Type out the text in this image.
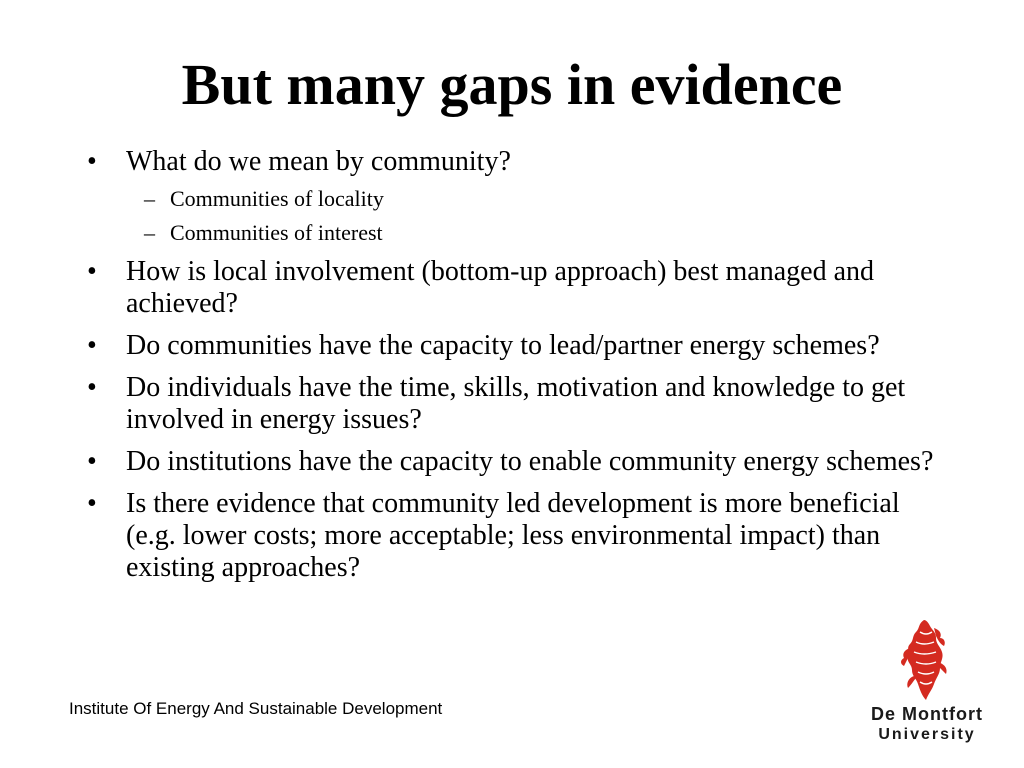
But many gaps in evidence
•	What do we mean by community?
– Communities of locality
– Communities of interest
•	How is local involvement (bottom-up approach) best managed and achieved?
•	Do communities have the capacity to lead/partner energy schemes?
•	Do individuals have the time, skills, motivation and knowledge to get involved in energy issues?
•	Do institutions have the capacity to enable community energy schemes?
•	Is there evidence that community led development is more beneficial (e.g. lower costs; more acceptable; less environmental impact) than existing approaches?
Institute Of Energy And Sustainable Development	De Montfort
University
